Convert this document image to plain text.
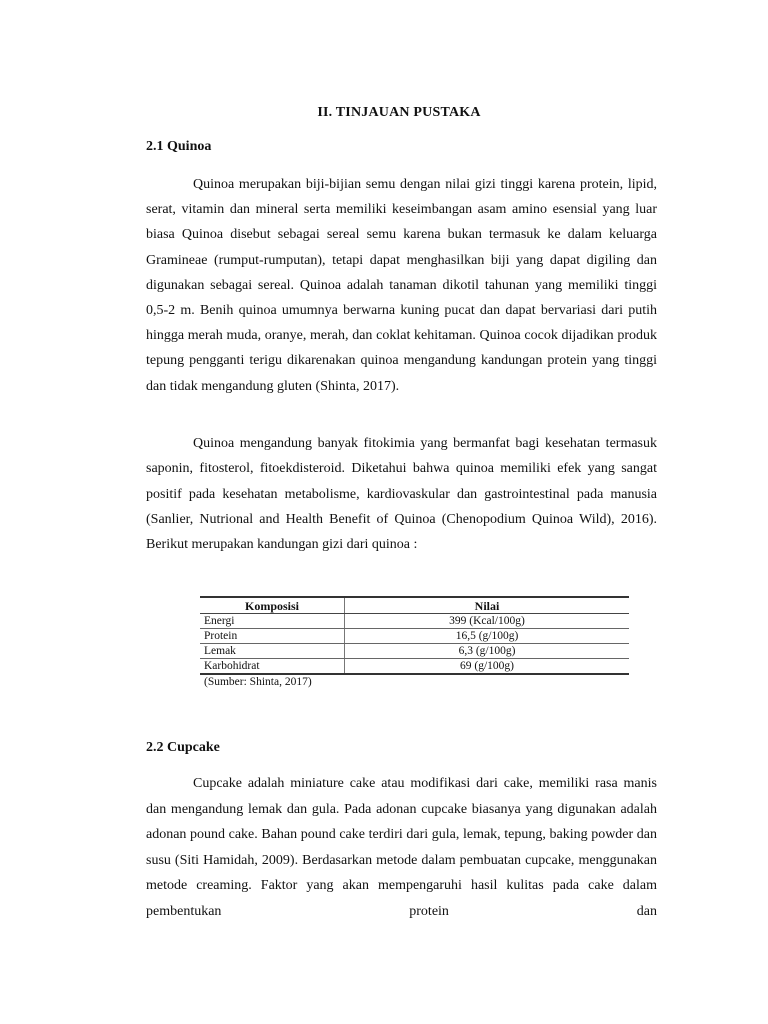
II. TINJAUAN PUSTAKA
2.1 Quinoa

Quinoa merupakan biji-bijian semu dengan nilai gizi tinggi karena protein, lipid, serat, vitamin dan mineral serta memiliki keseimbangan asam amino esensial yang luar biasa Quinoa disebut sebagai sereal semu karena bukan termasuk ke dalam keluarga Gramineae (rumput-rumputan), tetapi dapat menghasilkan biji yang dapat digiling dan digunakan sebagai sereal. Quinoa adalah tanaman dikotil tahunan yang memiliki tinggi 0,5-2 m. Benih quinoa umumnya berwarna kuning pucat dan dapat bervariasi dari putih hingga merah muda, oranye, merah, dan coklat kehitaman. Quinoa cocok dijadikan produk tepung pengganti terigu dikarenakan quinoa mengandung kandungan protein yang tinggi dan tidak mengandung gluten (Shinta, 2017).

Quinoa mengandung banyak fitokimia yang bermanfat bagi kesehatan termasuk saponin, fitosterol, fitoekdisteroid. Diketahui bahwa quinoa memiliki efek yang sangat positif pada kesehatan metabolisme, kardiovaskular dan gastrointestinal pada manusia (Sanlier, Nutrional and Health Benefit of Quinoa (Chenopodium Quinoa Wild), 2016). Berikut merupakan kandungan gizi dari quinoa :

Komposisi	Nilai
Energi	399 (Kcal/100g)
Protein	16,5 (g/100g)
Lemak	6,3 (g/100g)
Karbohidrat	69 (g/100g)
(Sumber: Shinta, 2017)
2.2 Cupcake

Cupcake adalah miniature cake atau modifikasi dari cake, memiliki rasa manis dan mengandung lemak dan gula. Pada adonan cupcake biasanya yang digunakan adalah adonan pound cake. Bahan pound cake terdiri dari gula, lemak, tepung, baking powder dan susu (Siti Hamidah, 2009). Berdasarkan metode dalam pembuatan cupcake, menggunakan metode creaming. Faktor yang akan mempengaruhi hasil kulitas pada cake dalam pembentukan protein dan
